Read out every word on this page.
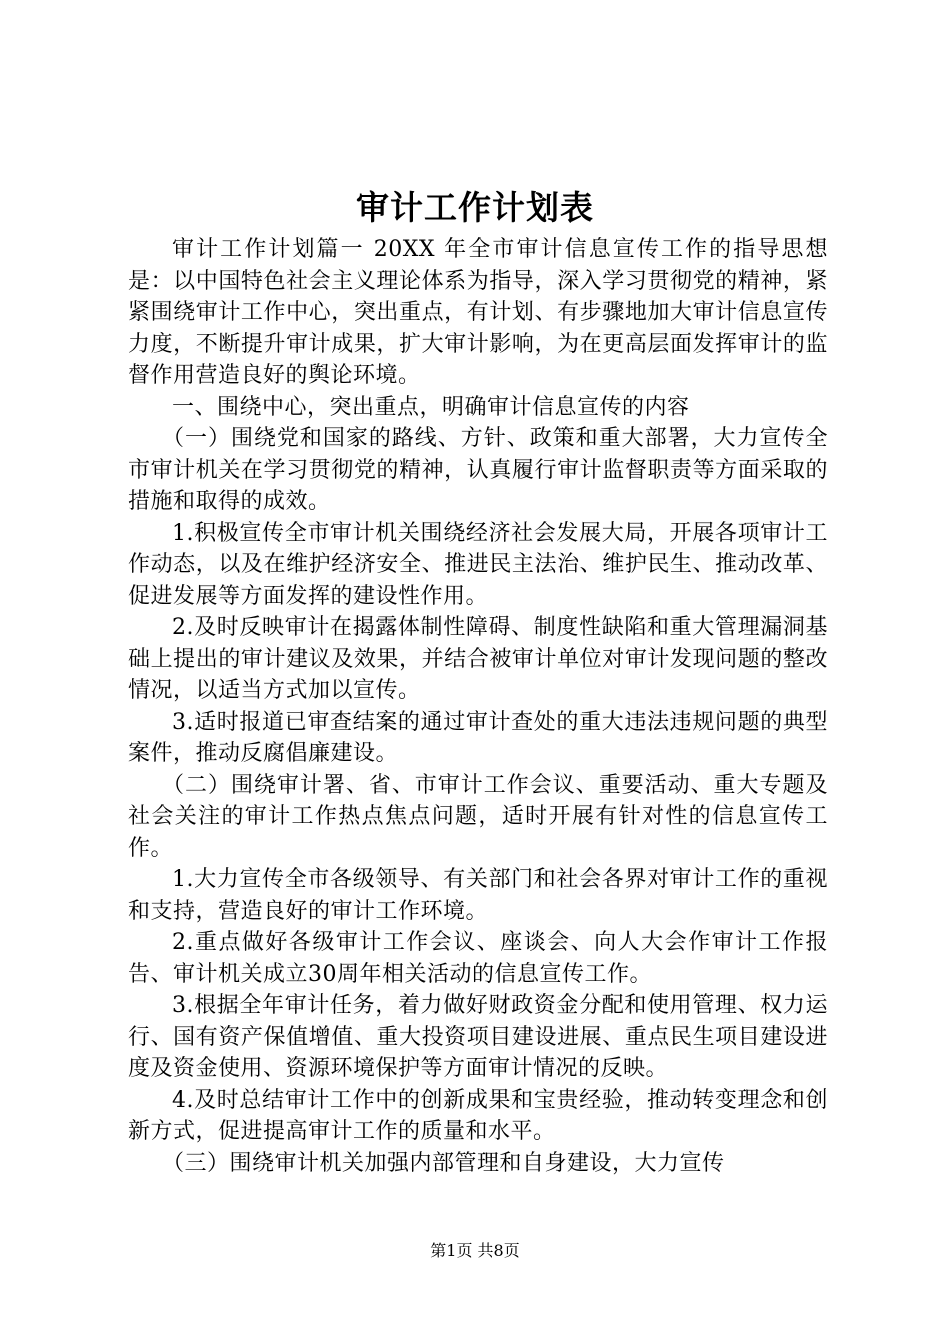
审计工作计划表

审计工作计划篇一 20XX 年全市审计信息宣传工作的指导思想是：以中国特色社会主义理论体系为指导，深入学习贯彻党的精神，紧紧围绕审计工作中心，突出重点，有计划、有步骤地加大审计信息宣传力度，不断提升审计成果，扩大审计影响，为在更高层面发挥审计的监督作用营造良好的舆论环境。

一、围绕中心，突出重点，明确审计信息宣传的内容

（一）围绕党和国家的路线、方针、政策和重大部署，大力宣传全市审计机关在学习贯彻党的精神，认真履行审计监督职责等方面采取的措施和取得的成效。

1.积极宣传全市审计机关围绕经济社会发展大局，开展各项审计工作动态，以及在维护经济安全、推进民主法治、维护民生、推动改革、促进发展等方面发挥的建设性作用。

2.及时反映审计在揭露体制性障碍、制度性缺陷和重大管理漏洞基础上提出的审计建议及效果，并结合被审计单位对审计发现问题的整改情况，以适当方式加以宣传。

3.适时报道已审查结案的通过审计查处的重大违法违规问题的典型案件，推动反腐倡廉建设。

（二）围绕审计署、省、市审计工作会议、重要活动、重大专题及社会关注的审计工作热点焦点问题，适时开展有针对性的信息宣传工作。

1.大力宣传全市各级领导、有关部门和社会各界对审计工作的重视和支持，营造良好的审计工作环境。

2.重点做好各级审计工作会议、座谈会、向人大会作审计工作报告、审计机关成立30周年相关活动的信息宣传工作。

3.根据全年审计任务，着力做好财政资金分配和使用管理、权力运行、国有资产保值增值、重大投资项目建设进展、重点民生项目建设进度及资金使用、资源环境保护等方面审计情况的反映。

4.及时总结审计工作中的创新成果和宝贵经验，推动转变理念和创新方式，促进提高审计工作的质量和水平。

（三）围绕审计机关加强内部管理和自身建设，大力宣传

第1页 共8页
